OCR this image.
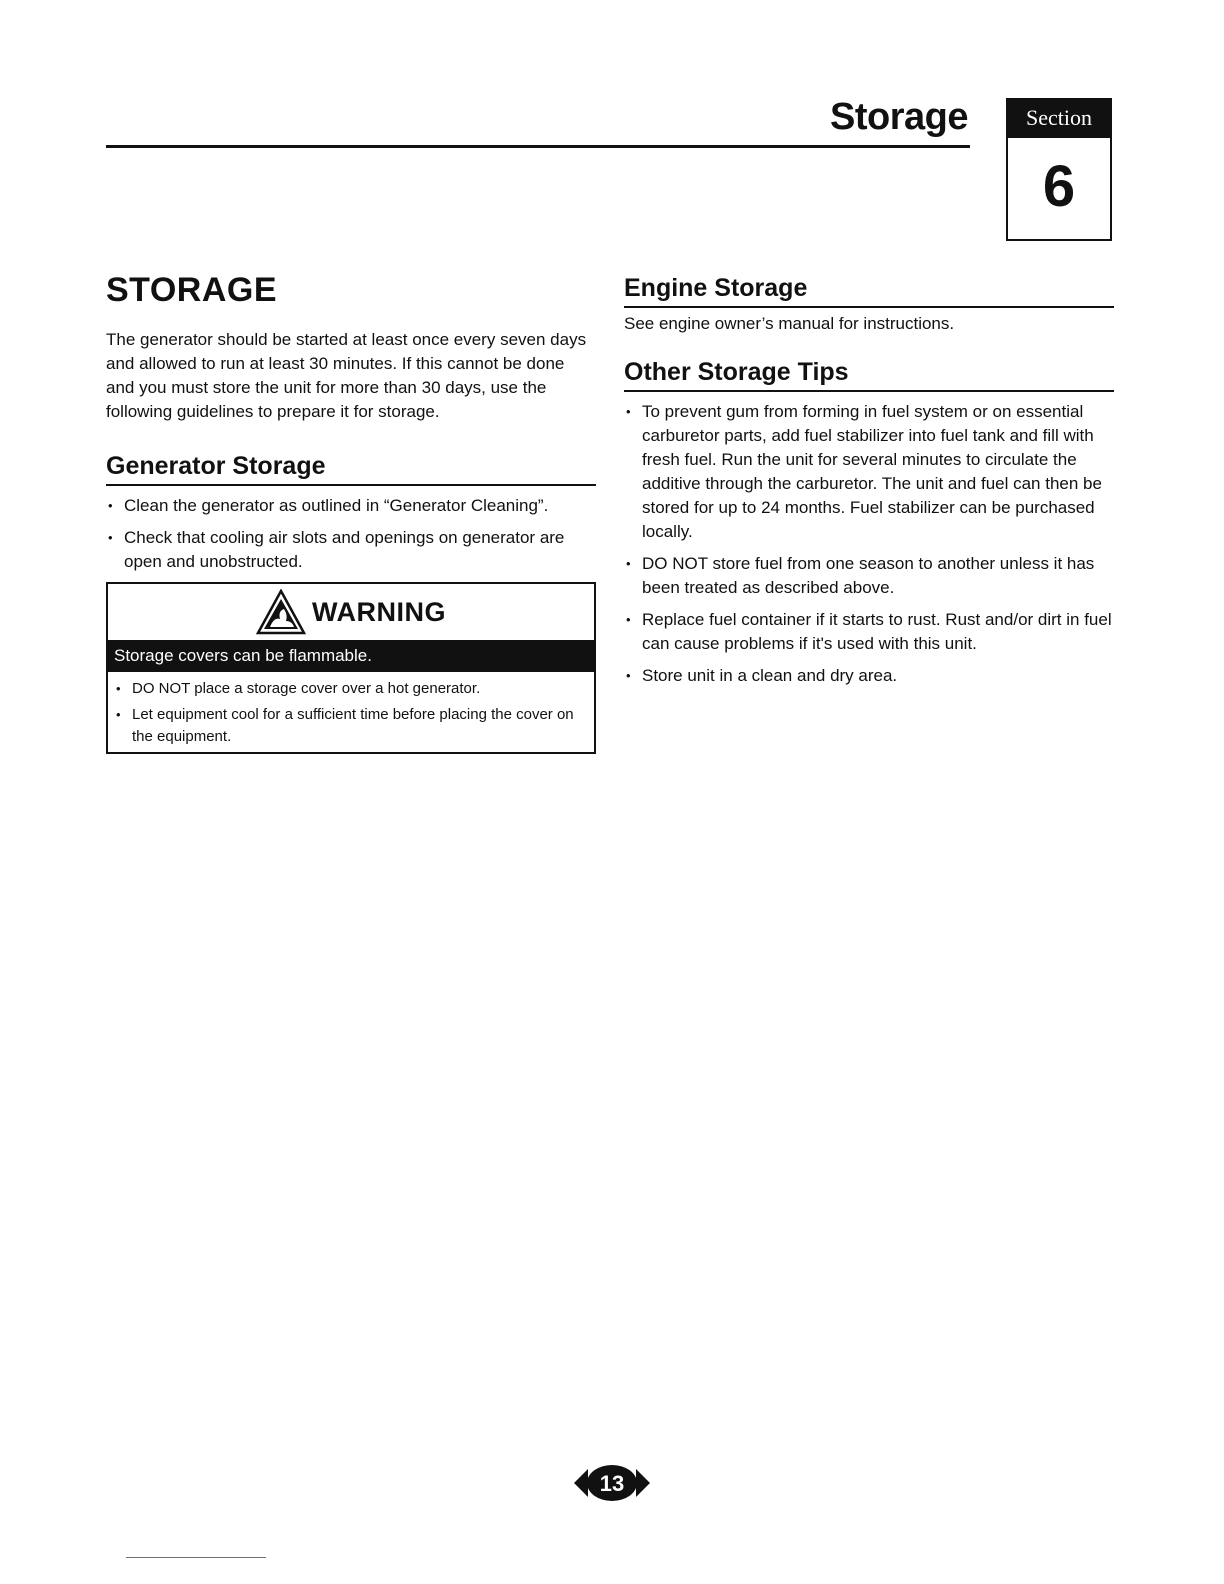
Storage	Section
6
STORAGE

The generator should be started at least once every seven days and allowed to run at least 30 minutes. If this cannot be done and you must store the unit for more than 30 days, use the following guidelines to prepare it for storage.

Generator Storage
• Clean the generator as outlined in “Generator Cleaning”.
• Check that cooling air slots and openings on generator are open and unobstructed.
WARNING
Storage covers can be flammable.
• DO NOT place a storage cover over a hot generator.
• Let equipment cool for a sufficient time before placing the cover on the equipment.
Engine Storage

See engine owner’s manual for instructions.

Other Storage Tips
• To prevent gum from forming in fuel system or on essential carburetor parts, add fuel stabilizer into fuel tank and fill with fresh fuel. Run the unit for several minutes to circulate the additive through the carburetor. The unit and fuel can then be stored for up to 24 months. Fuel stabilizer can be purchased locally.
• DO NOT store fuel from one season to another unless it has been treated as described above.
• Replace fuel container if it starts to rust. Rust and/or dirt in fuel can cause problems if it's used with this unit.
• Store unit in a clean and dry area.
13
